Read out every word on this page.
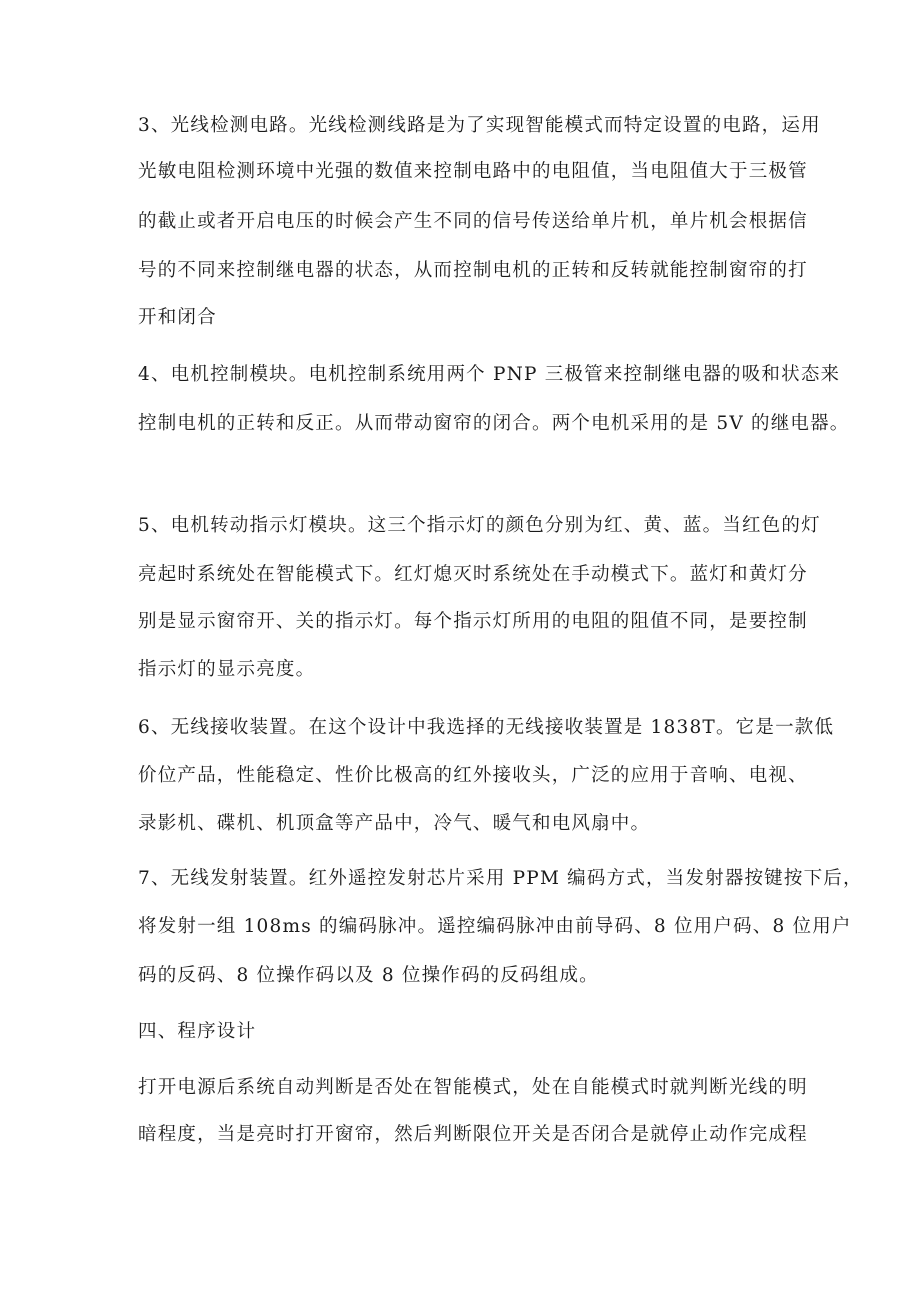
3、光线检测电路。光线检测线路是为了实现智能模式而特定设置的电路，运用
光敏电阻检测环境中光强的数值来控制电路中的电阻值，当电阻值大于三极管
的截止或者开启电压的时候会产生不同的信号传送给单片机，单片机会根据信
号的不同来控制继电器的状态，从而控制电机的正转和反转就能控制窗帘的打
开和闭合
4、电机控制模块。电机控制系统用两个 PNP 三极管来控制继电器的吸和状态来
控制电机的正转和反正。从而带动窗帘的闭合。两个电机采用的是 5V 的继电器。
5、电机转动指示灯模块。这三个指示灯的颜色分别为红、黄、蓝。当红色的灯
亮起时系统处在智能模式下。红灯熄灭时系统处在手动模式下。蓝灯和黄灯分
别是显示窗帘开、关的指示灯。每个指示灯所用的电阻的阻值不同，是要控制
指示灯的显示亮度。
6、无线接收装置。在这个设计中我选择的无线接收装置是 1838T。它是一款低
价位产品，性能稳定、性价比极高的红外接收头，广泛的应用于音响、电视、
录影机、碟机、机顶盒等产品中，冷气、暖气和电风扇中。
7、无线发射装置。红外遥控发射芯片采用 PPM 编码方式，当发射器按键按下后，
将发射一组 108ms 的编码脉冲。遥控编码脉冲由前导码、8 位用户码、8 位用户
码的反码、8 位操作码以及 8 位操作码的反码组成。
四、程序设计
打开电源后系统自动判断是否处在智能模式，处在自能模式时就判断光线的明
暗程度，当是亮时打开窗帘，然后判断限位开关是否闭合是就停止动作完成程
